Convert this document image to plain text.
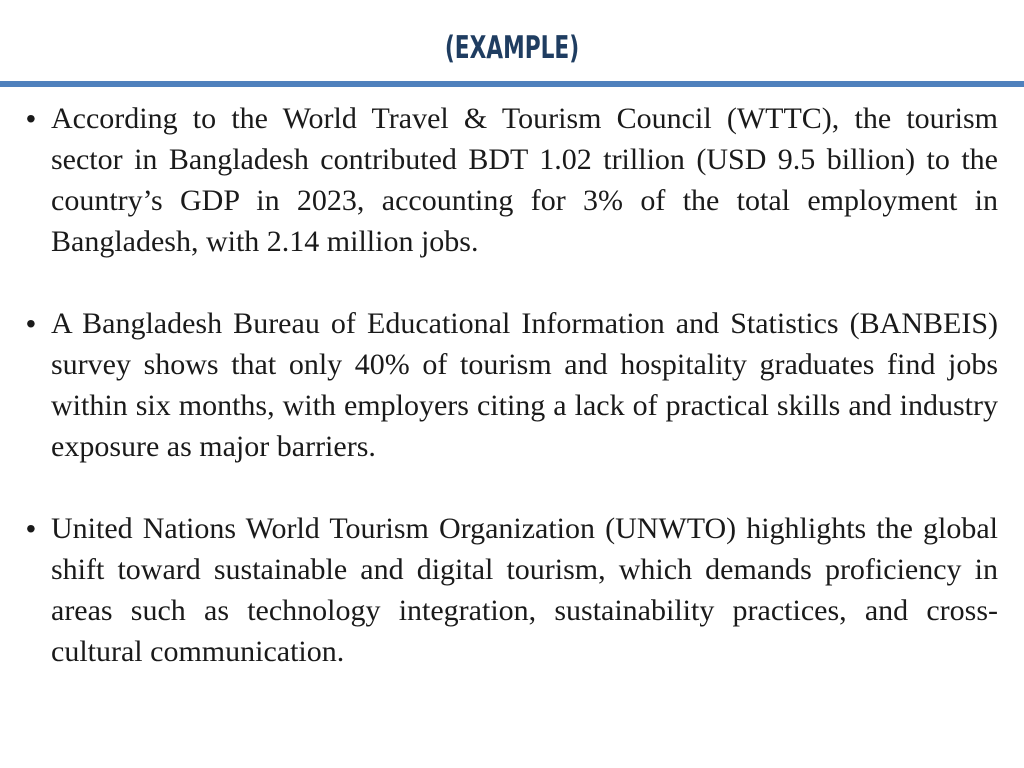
(EXAMPLE)
• According to the World Travel & Tourism Council (WTTC), the tourism sector in Bangladesh contributed BDT 1.02 trillion (USD 9.5 billion) to the country’s GDP in 2023, accounting for 3% of the total employment in Bangladesh, with 2.14 million jobs.
• A Bangladesh Bureau of Educational Information and Statistics (BANBEIS) survey shows that only 40% of tourism and hospitality graduates find jobs within six months, with employers citing a lack of practical skills and industry exposure as major barriers.
• United Nations World Tourism Organization (UNWTO) highlights the global shift toward sustainable and digital tourism, which demands proficiency in areas such as technology integration, sustainability practices, and cross-cultural communication.
